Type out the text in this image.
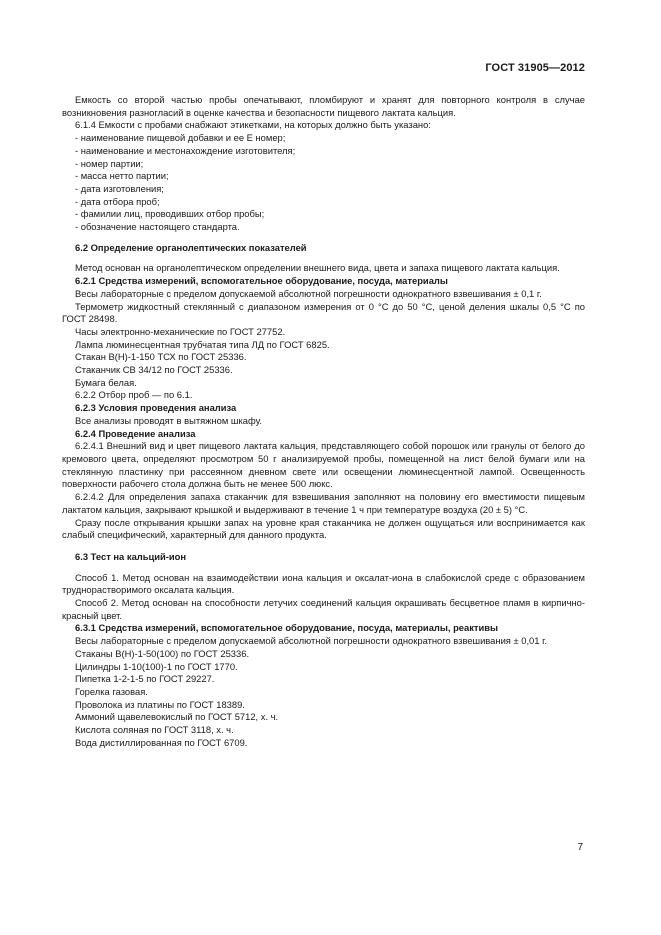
ГОСТ 31905—2012

Емкость со второй частью пробы опечатывают, пломбируют и хранят для повторного контроля в случае возникновения разногласий в оценке качества и безопасности пищевого лактата кальция.

6.1.4 Емкости с пробами снабжают этикетками, на которых должно быть указано:

- наименование пищевой добавки и ее Е номер;

- наименование и местонахождение изготовителя;

- номер партии;

- масса нетто партии;

- дата изготовления;

- дата отбора проб;

- фамилии лиц, проводивших отбор пробы;

- обозначение настоящего стандарта.

6.2 Определение органолептических показателей

Метод основан на органолептическом определении внешнего вида, цвета и запаха пищевого лактата кальция.

6.2.1 Средства измерений, вспомогательное оборудование, посуда, материалы

Весы лабораторные с пределом допускаемой абсолютной погрешности однократного взвешивания ± 0,1 г.

Термометр жидкостный стеклянный с диапазоном измерения от 0 °С до 50 °С, ценой деления шкалы 0,5 °С по ГОСТ 28498.

Часы электронно-механические по ГОСТ 27752.

Лампа люминесцентная трубчатая типа ЛД по ГОСТ 6825.

Стакан В(Н)-1-150 ТСХ по ГОСТ 25336.

Стаканчик СВ 34/12 по ГОСТ 25336.

Бумага белая.

6.2.2 Отбор проб — по 6.1.

6.2.3 Условия проведения анализа

Все анализы проводят в вытяжном шкафу.

6.2.4 Проведение анализа

6.2.4.1 Внешний вид и цвет пищевого лактата кальция, представляющего собой порошок или гранулы от белого до кремового цвета, определяют просмотром 50 г анализируемой пробы, помещенной на лист белой бумаги или на стеклянную пластинку при рассеянном дневном свете или освещении люминесцентной лампой. Освещенность поверхности рабочего стола должна быть не менее 500 люкс.

6.2.4.2 Для определения запаха стаканчик для взвешивания заполняют на половину его вместимости пищевым лактатом кальция, закрывают крышкой и выдерживают в течение 1 ч при температуре воздуха (20 ± 5) °С.

Сразу после открывания крышки запах на уровне края стаканчика не должен ощущаться или воспринимается как слабый специфический, характерный для данного продукта.

6.3 Тест на кальций-ион

Способ 1. Метод основан на взаимодействии иона кальция и оксалат-иона в слабокислой среде с образованием труднорастворимого оксалата кальция.

Способ 2. Метод основан на способности летучих соединений кальция окрашивать бесцветное пламя в кирпично-красный цвет.

6.3.1 Средства измерений, вспомогательное оборудование, посуда, материалы, реактивы

Весы лабораторные с пределом допускаемой абсолютной погрешности однократного взвешивания ± 0,01 г.

Стаканы В(Н)-1-50(100) по ГОСТ 25336.

Цилиндры 1-10(100)-1 по ГОСТ 1770.

Пипетка 1-2-1-5 по ГОСТ 29227.

Горелка газовая.

Проволока из платины по ГОСТ 18389.

Аммоний щавелевокислый по ГОСТ 5712, х. ч.

Кислота соляная по ГОСТ 3118, х. ч.

Вода дистиллированная по ГОСТ 6709.

7
